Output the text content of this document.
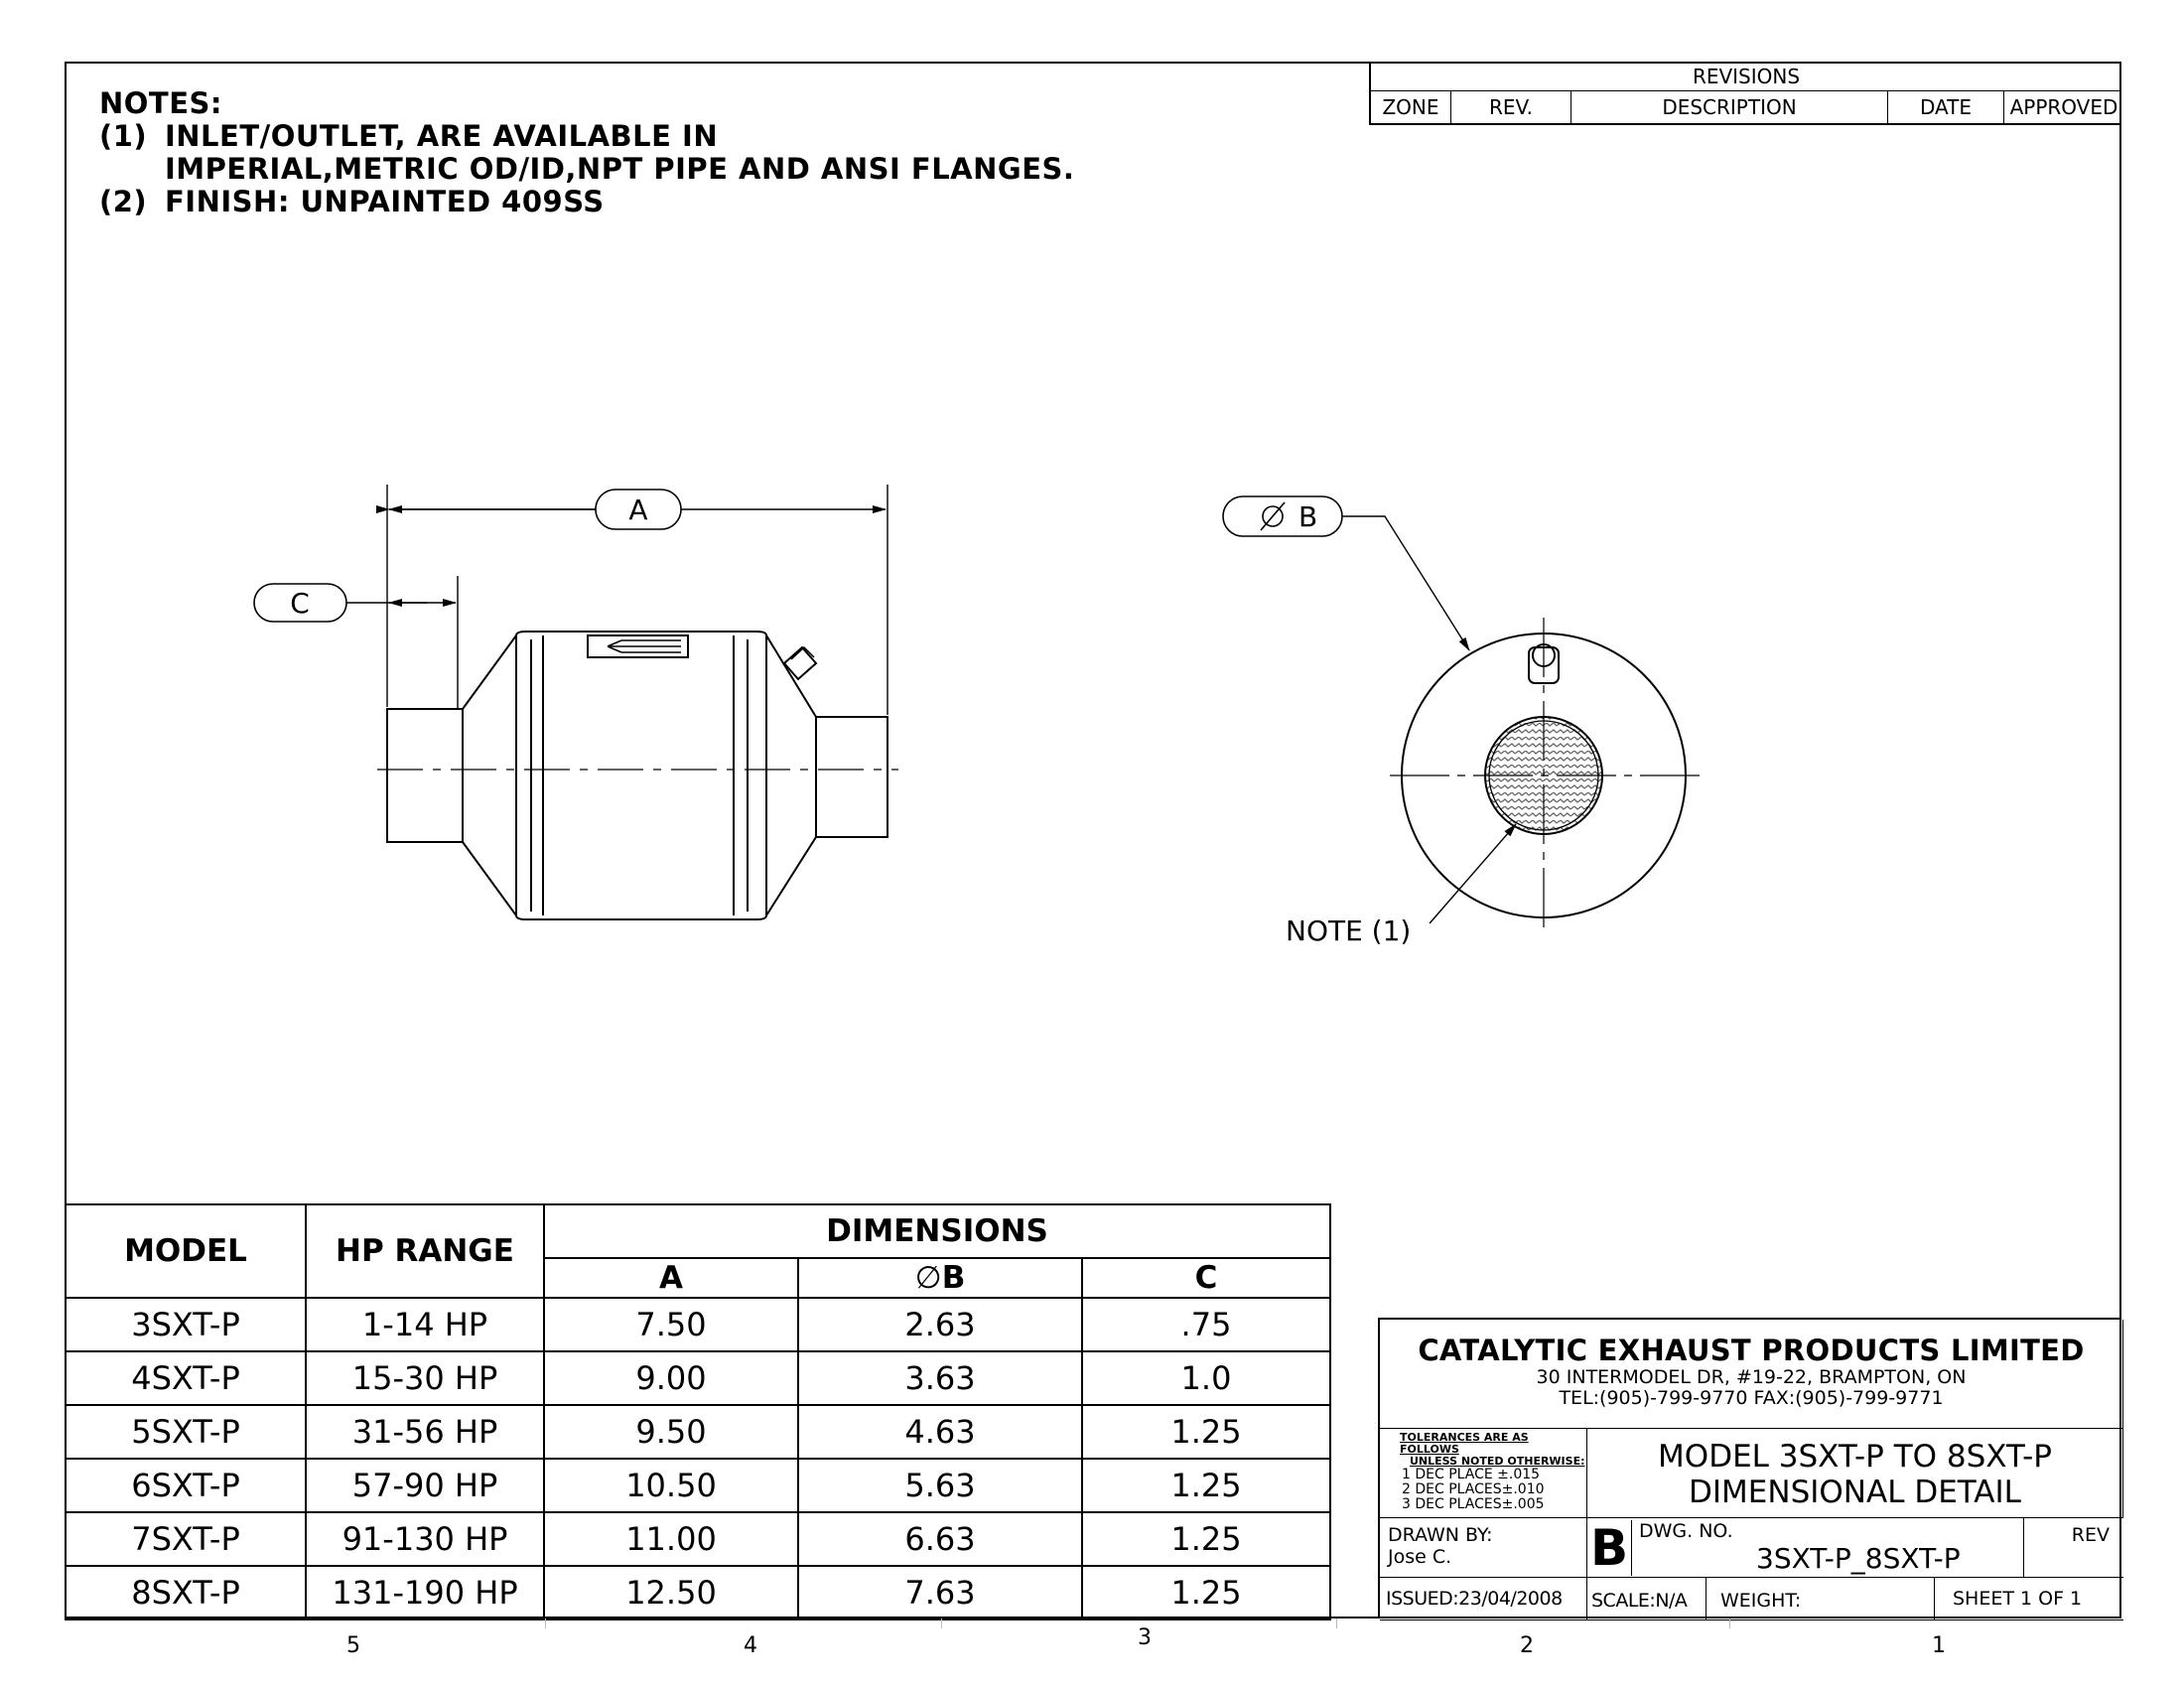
NOTES:
(1) INLET/OUTLET, ARE AVAILABLE IN
IMPERIAL,METRIC OD/ID,NPT PIPE AND ANSI FLANGES.
(2) FINISH: UNPAINTED 409SS
REVISIONS
ZONE	REV.	DESCRIPTION	DATE	APPROVED
A
C
B
NOTE (1)
MODEL	HP RANGE	DIMENSIONS		
		A	∅B	C
3SXT-P	1-14 HP	7.50	2.63	.75
4SXT-P	15-30 HP	9.00	3.63	1.0
5SXT-P	31-56 HP	9.50	4.63	1.25
6SXT-P	57-90 HP	10.50	5.63	1.25
7SXT-P	91-130 HP	11.00	6.63	1.25
8SXT-P	131-190 HP	12.50	7.63	1.25
CATALYTIC EXHAUST PRODUCTS LIMITED
30 INTERMODEL DR, #19-22, BRAMPTON, ON
TEL:(905)-799-9770 FAX:(905)-799-9771
TOLERANCES ARE AS FOLLOWS
UNLESS NOTED OTHERWISE:
1 DEC PLACE ±.015
2 DEC PLACES±.010
3 DEC PLACES±.005
MODEL 3SXT-P TO 8SXT-P
DIMENSIONAL DETAIL
DRAWN BY:
Jose C.	B DWG. NO.
3SXT-P_8SXT-P
REV
ISSUED:23/04/2008	SCALE:N/A	WEIGHT:	SHEET 1 OF 1
5	4	3	2	1
